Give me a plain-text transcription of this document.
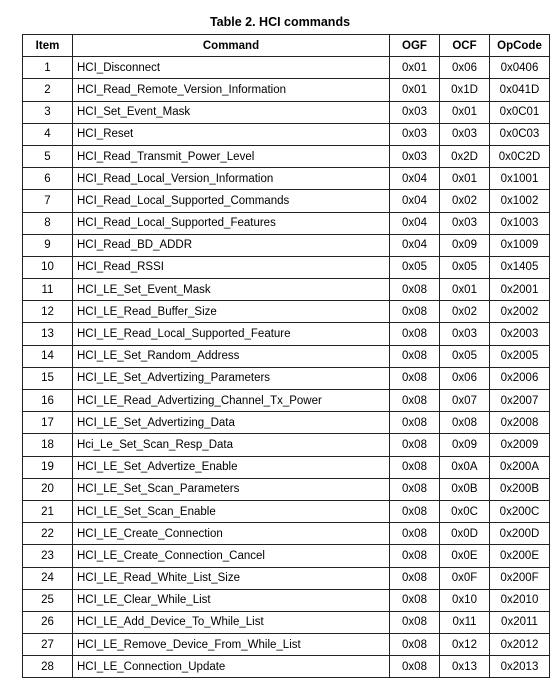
Table 2. HCI commands
Item	Command	OGF	OCF	OpCode
1	HCI_Disconnect	0x01	0x06	0x0406
2	HCI_Read_Remote_Version_Information	0x01	0x1D	0x041D
3	HCI_Set_Event_Mask	0x03	0x01	0x0C01
4	HCI_Reset	0x03	0x03	0x0C03
5	HCI_Read_Transmit_Power_Level	0x03	0x2D	0x0C2D
6	HCI_Read_Local_Version_Information	0x04	0x01	0x1001
7	HCI_Read_Local_Supported_Commands	0x04	0x02	0x1002
8	HCI_Read_Local_Supported_Features	0x04	0x03	0x1003
9	HCI_Read_BD_ADDR	0x04	0x09	0x1009
10	HCI_Read_RSSI	0x05	0x05	0x1405
11	HCI_LE_Set_Event_Mask	0x08	0x01	0x2001
12	HCI_LE_Read_Buffer_Size	0x08	0x02	0x2002
13	HCI_LE_Read_Local_Supported_Feature	0x08	0x03	0x2003
14	HCI_LE_Set_Random_Address	0x08	0x05	0x2005
15	HCI_LE_Set_Advertizing_Parameters	0x08	0x06	0x2006
16	HCI_LE_Read_Advertizing_Channel_Tx_Power	0x08	0x07	0x2007
17	HCI_LE_Set_Advertizing_Data	0x08	0x08	0x2008
18	Hci_Le_Set_Scan_Resp_Data	0x08	0x09	0x2009
19	HCI_LE_Set_Advertize_Enable	0x08	0x0A	0x200A
20	HCI_LE_Set_Scan_Parameters	0x08	0x0B	0x200B
21	HCI_LE_Set_Scan_Enable	0x08	0x0C	0x200C
22	HCI_LE_Create_Connection	0x08	0x0D	0x200D
23	HCI_LE_Create_Connection_Cancel	0x08	0x0E	0x200E
24	HCI_LE_Read_White_List_Size	0x08	0x0F	0x200F
25	HCI_LE_Clear_While_List	0x08	0x10	0x2010
26	HCI_LE_Add_Device_To_While_List	0x08	0x11	0x2011
27	HCI_LE_Remove_Device_From_While_List	0x08	0x12	0x2012
28	HCI_LE_Connection_Update	0x08	0x13	0x2013
